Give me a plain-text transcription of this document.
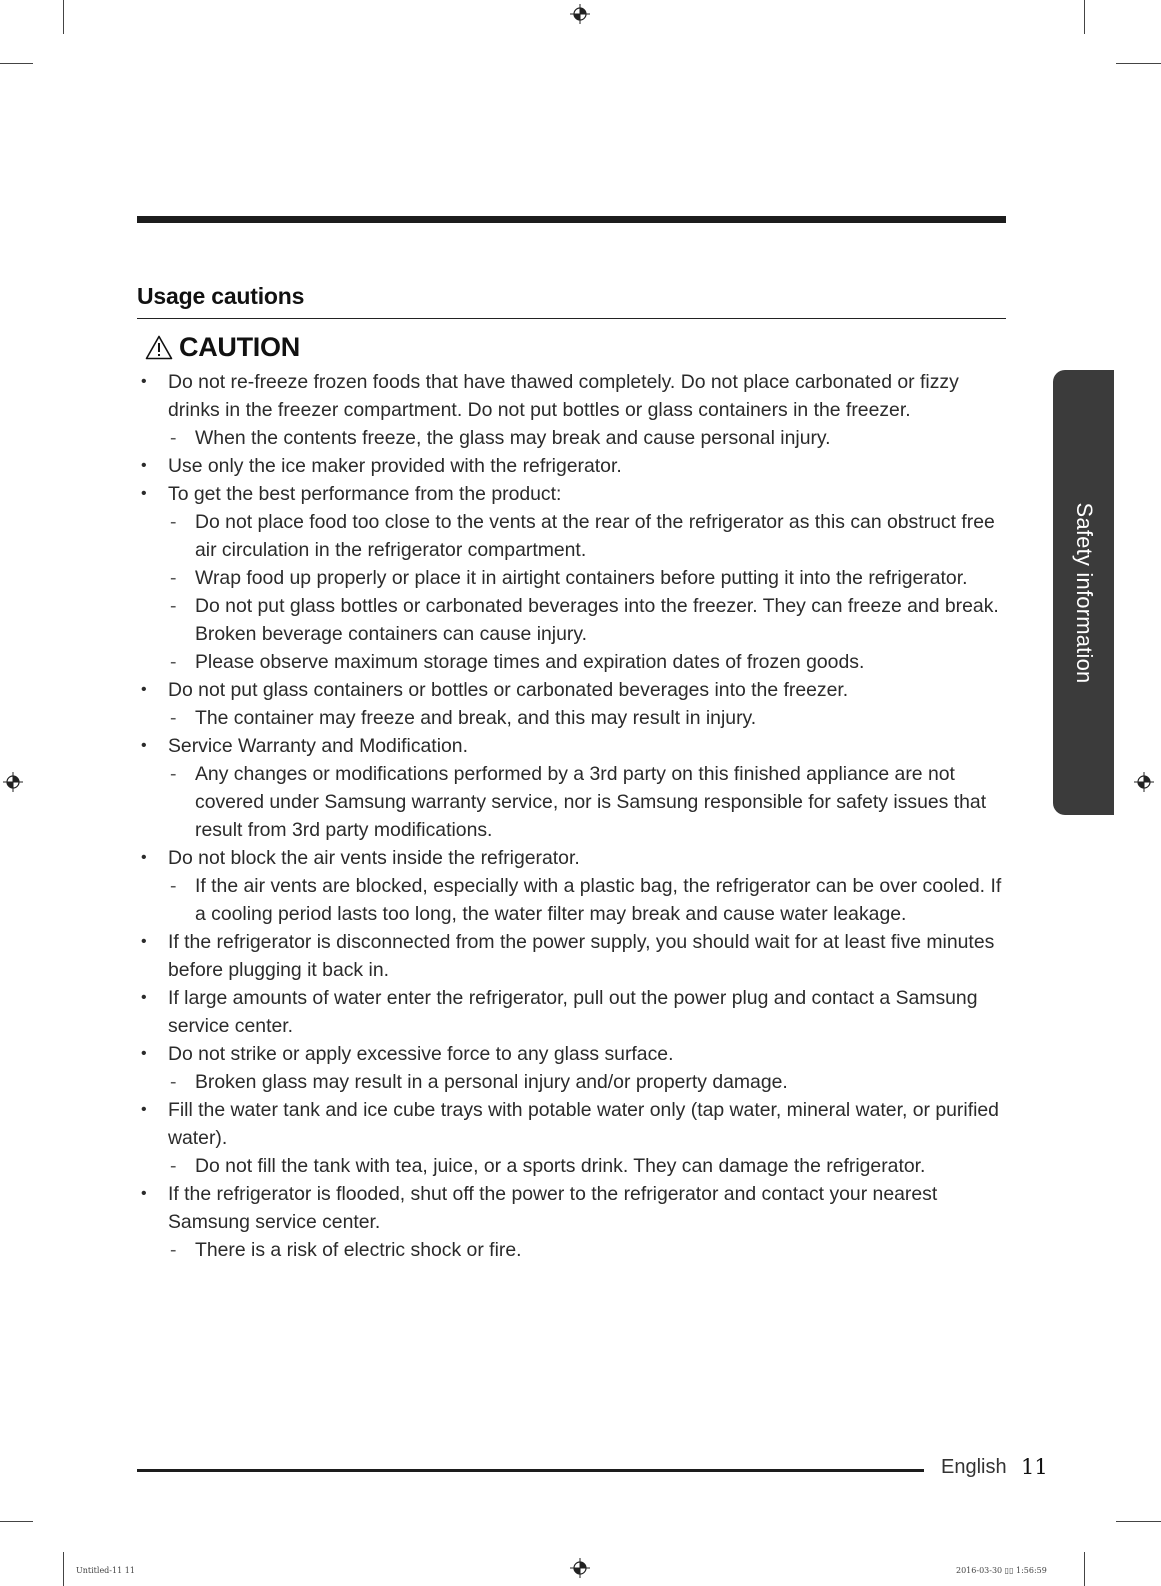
Usage cautions
CAUTION
• Do not re-freeze frozen foods that have thawed completely. Do not place carbonated or fizzy drinks in the freezer compartment. Do not put bottles or glass containers in the freezer.
- When the contents freeze, the glass may break and cause personal injury.
• Use only the ice maker provided with the refrigerator.
• To get the best performance from the product:
- Do not place food too close to the vents at the rear of the refrigerator as this can obstruct free air circulation in the refrigerator compartment.
- Wrap food up properly or place it in airtight containers before putting it into the refrigerator.
- Do not put glass bottles or carbonated beverages into the freezer. They can freeze and break. Broken beverage containers can cause injury.
- Please observe maximum storage times and expiration dates of frozen goods.
• Do not put glass containers or bottles or carbonated beverages into the freezer.
- The container may freeze and break, and this may result in injury.
• Service Warranty and Modification.
- Any changes or modifications performed by a 3rd party on this finished appliance are not covered under Samsung warranty service, nor is Samsung responsible for safety issues that result from 3rd party modifications.
• Do not block the air vents inside the refrigerator.
- If the air vents are blocked, especially with a plastic bag, the refrigerator can be over cooled. If a cooling period lasts too long, the water filter may break and cause water leakage.
• If the refrigerator is disconnected from the power supply, you should wait for at least five minutes before plugging it back in.
• If large amounts of water enter the refrigerator, pull out the power plug and contact a Samsung service center.
• Do not strike or apply excessive force to any glass surface.
- Broken glass may result in a personal injury and/or property damage.
• Fill the water tank and ice cube trays with potable water only (tap water, mineral water, or purified water).
- Do not fill the tank with tea, juice, or a sports drink. They can damage the refrigerator.
• If the refrigerator is flooded, shut off the power to the refrigerator and contact your nearest Samsung service center.
- There is a risk of electric shock or fire.
Safety information
English 11
Untitled-11 11	2016-03-30 ▯▯ 1:56:59
